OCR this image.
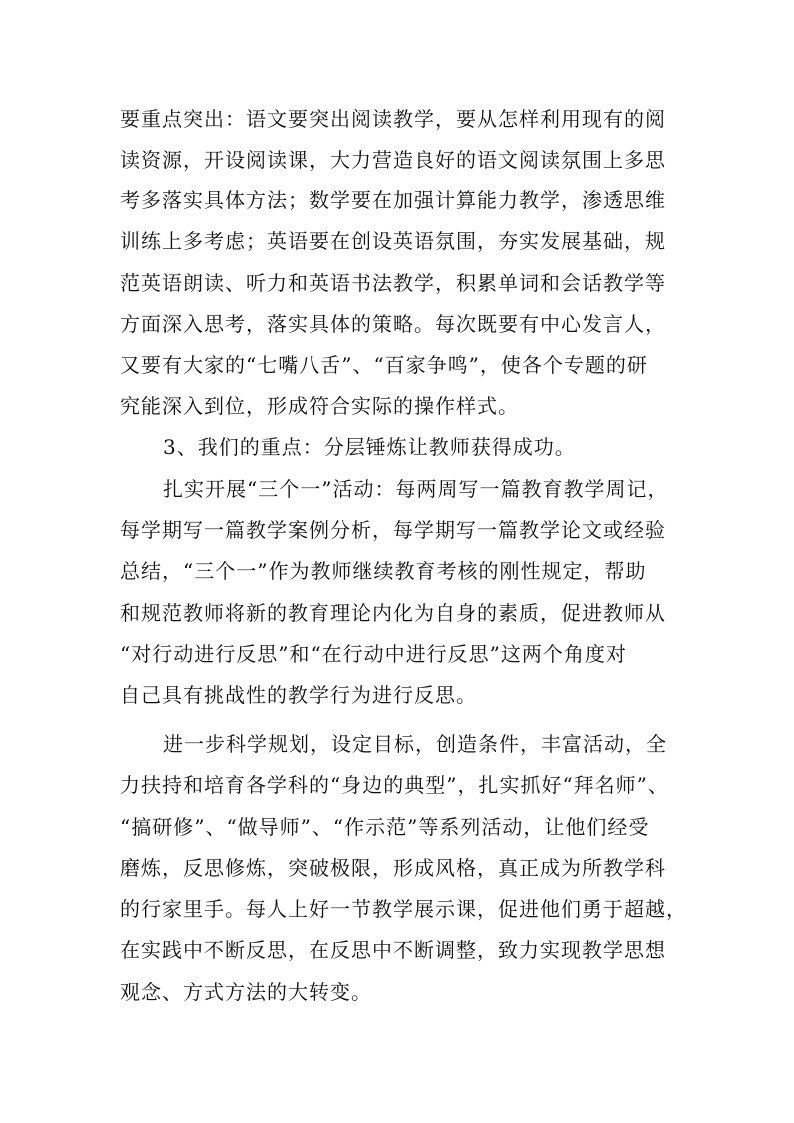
要重点突出：语文要突出阅读教学，要从怎样利用现有的阅
读资源，开设阅读课，大力营造良好的语文阅读氛围上多思
考多落实具体方法；数学要在加强计算能力教学，渗透思维
训练上多考虑；英语要在创设英语氛围，夯实发展基础，规
范英语朗读、听力和英语书法教学，积累单词和会话教学等
方面深入思考，落实具体的策略。每次既要有中心发言人，
又要有大家的“七嘴八舌”、“百家争鸣”，使各个专题的研
究能深入到位，形成符合实际的操作样式。
3、我们的重点：分层锤炼让教师获得成功。
扎实开展“三个一”活动：每两周写一篇教育教学周记，
每学期写一篇教学案例分析，每学期写一篇教学论文或经验
总结，“三个一”作为教师继续教育考核的刚性规定，帮助
和规范教师将新的教育理论内化为自身的素质，促进教师从
“对行动进行反思”和“在行动中进行反思”这两个角度对
自己具有挑战性的教学行为进行反思。
进一步科学规划，设定目标，创造条件，丰富活动，全
力扶持和培育各学科的“身边的典型”，扎实抓好“拜名师”、
“搞研修”、“做导师”、“作示范”等系列活动，让他们经受
磨炼，反思修炼，突破极限，形成风格，真正成为所教学科
的行家里手。每人上好一节教学展示课，促进他们勇于超越，
在实践中不断反思，在反思中不断调整，致力实现教学思想
观念、方式方法的大转变。
